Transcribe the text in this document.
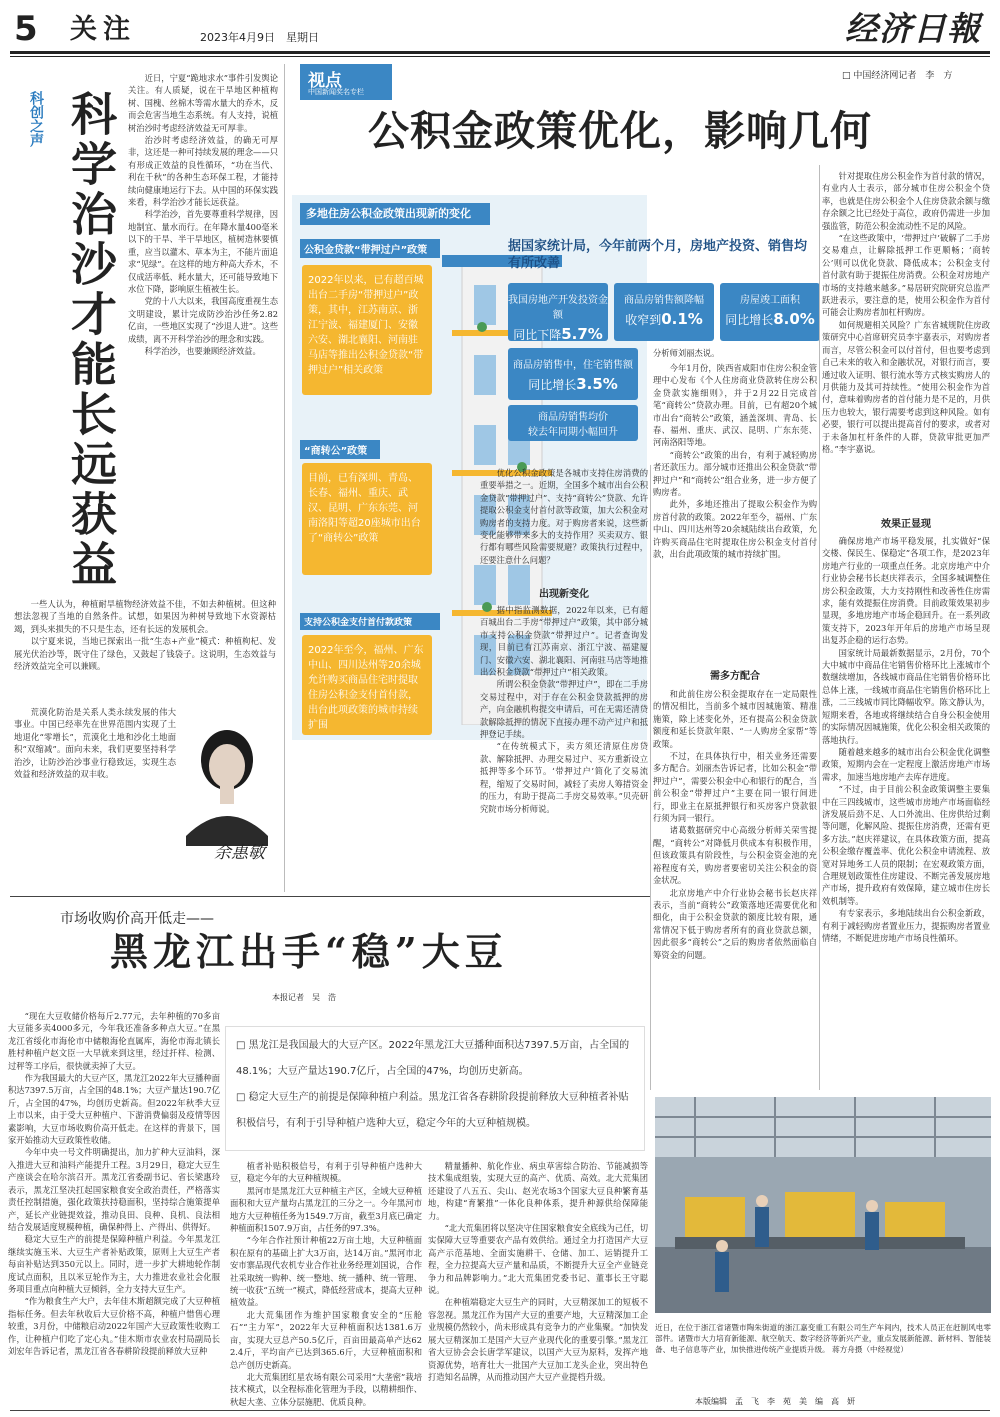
5 关注	2023年4月9日　星期日	经济日報
科创之声 科学治沙才能长远获益

近日，宁夏“跪地求水”事件引发舆论关注。有人质疑，说在干旱地区种植枸树、国槐、丝棉木等需水量大的乔木，反而会危害当地生态系统。有人支持，说植树治沙时考虑经济效益无可厚非。

治沙时考虑经济效益，的确无可厚非，这还是一种可持续发展的理念——只有形成正效益的良性循环，“功在当代、利在千秋”的各种生态环保工程，才能持续向健康地运行下去。从中国的环保实践来看，科学治沙才能长远获益。

科学治沙，首先要尊重科学规律，因地制宜、量水而行。在年降水量400毫米以下的干旱、半干旱地区，植树造林要慎重，应当以灌木、草本为主，不能片面追求“见绿”。在这样的地方种高大乔木，不仅成活率低、耗水量大，还可能导致地下水位下降，影响原生植被生长。

党的十八大以来，我国高度重视生态文明建设，累计完成防沙治沙任务2.82亿亩，一些地区实现了“沙退人进”。这些成绩，离不开科学治沙的理念和实践。

科学治沙，也要兼顾经济效益。

一些人认为，种植耐旱植物经济效益不佳，不如去种植树。但这种想法忽视了当地的自然条件。试想，如果因为种树导致地下水资源枯竭，到头来损失的不只是生态，还有长远的发展机会。

以宁夏来说，当地已探索出一批“生态+产业”模式：种植枸杞、发展光伏治沙等，既守住了绿色，又鼓起了钱袋子。这说明，生态效益与经济效益完全可以兼顾。

荒漠化防治是关系人类永续发展的伟大事业。中国已经率先在世界范围内实现了土地退化“零增长”，荒漠化土地和沙化土地面积“双缩减”。面向未来，我们更要坚持科学治沙，让防沙治沙事业行稳致远，实现生态效益和经济效益的双丰收。

余惠敏
视点
中国新闻奖名专栏
□ 中国经济网记者　李　方
公积金政策优化，影响几何
多地住房公积金政策出现新的变化
公积金贷款“带押过户”政策
2022年以来，已有超百城出台二手房“带押过户”政策，其中，江苏南京、浙江宁波、福建厦门、安徽六安、湖北襄阳、河南驻马店等推出公积金贷款“带押过户”相关政策
“商转公”政策
目前，已有深圳、青岛、长春、福州、重庆、武汉、昆明、广东东莞、河南洛阳等超20座城市出台了“商转公”政策
支持公积金支付首付款政策
2022年至今，福州、广东中山、四川达州等20余城允许购买商品住宅时提取住房公积金支付首付款，出台此项政策的城市持续扩围
据国家统计局，今年前两个月，房地产投资、销售均有所改善
我国房地产开发投资金额
同比下降5.7%
商品房销售额降幅
收窄到0.1%
房屋竣工面积
同比增长8.0%
商品房销售中，住宅销售额
同比增长3.5%
商品房销售均价
较去年同期小幅回升
分析师刘丽杰说。

优化公积金政策是各城市支持住房消费的重要举措之一。近期，全国多个城市出台公积金贷款“带押过户”、支持“商转公”贷款、允许提取公积金支付首付款等政策，加大公积金对购房者的支持力度。对于购房者来说，这些新变化能够带来多大的支持作用？买卖双方、银行都有哪些风险需要规避？政策执行过程中，还要注意什么问题？

出现新变化

据中指监测数据，2022年以来，已有超百城出台二手房“带押过户”政策，其中部分城市支持公积金贷款“带押过户”。记者查询发现，目前已有江苏南京、浙江宁波、福建厦门、安徽六安、湖北襄阳、河南驻马店等地推出公积金贷款“带押过户”相关政策。

所谓公积金贷款“带押过户”，即在二手房交易过程中，对于存在公积金贷款抵押的房产，向金融机构提交申请后，可在无需还清贷款解除抵押的情况下直接办理不动产过户和抵押登记手续。

“在传统模式下，卖方须还清原住房贷款、解除抵押、办理交易过户、买方重新设立抵押等多个环节。‘带押过户’简化了交易流程，缩短了交易时间，减轻了卖房人筹措资金的压力，有助于提高二手房交易效率。”贝壳研究院市场分析师说。

今年1月份，陕西省咸阳市住房公积金管理中心发布《个人住房商业贷款转住房公积金贷款实施细则》，并于2月22日完成首笔“商转公”贷款办理。目前，已有超20个城市出台“商转公”政策，涵盖深圳、青岛、长春、福州、重庆、武汉、昆明、广东东莞、河南洛阳等地。

“商转公”政策的出台，有利于减轻购房者还款压力。部分城市还推出公积金贷款“带押过户”和“商转公”组合业务，进一步方便了购房者。

此外，多地还推出了提取公积金作为购房首付款的政策。2022年至今，福州、广东中山、四川达州等20余城陆续出台政策，允许购买商品住宅时提取住房公积金支付首付款，出台此项政策的城市持续扩围。

需多方配合

和此前住房公积金提取存在一定局限性的情况相比，当前多个城市因城施策、精准施策，除上述变化外，还有提高公积金贷款额度和延长贷款年限、“一人购房全家帮”等政策。

不过，在具体执行中，相关业务还需要多方配合。刘丽杰告诉记者，比如公积金“带押过户”，需要公积金中心和银行的配合，当前公积金“带押过户”主要在同一银行间进行，即业主在原抵押银行和买房客户贷款银行须为同一银行。

诸葛数据研究中心高级分析师关荣雪提醒，“商转公”对降低月供成本有积极作用，但该政策具有阶段性，与公积金资金池的充裕程度有关，购房者要密切关注公积金的资金状况。

北京房地产中介行业协会秘书长赵庆祥表示，当前“商转公”政策落地还需要优化和细化，由于公积金贷款的额度比较有限，通常情况下低于购房者所有的商业贷款总额，因此很多“商转公”之后的购房者依然面临自筹资金的问题。

针对提取住房公积金作为首付款的情况，有业内人士表示，部分城市住房公积金个贷率，也就是住房公积金个人住房贷款余额与缴存余额之比已经处于高位，政府仍需进一步加强监管，防范公积金流动性不足的风险。

“在这些政策中，‘带押过户’破解了二手房交易难点，让解除抵押工作更顺畅；‘商转公’则可以优化贷款、降低成本；公积金支付首付款有助于提振住房消费。公积金对房地产市场的支持越来越多。”易居研究院研究总监严跃进表示，要注意的是，使用公积金作为首付可能会让购房者加杠杆购房。

如何规避相关风险？广东省城规院住房政策研究中心首席研究员李宇嘉表示，对购房者而言，尽管公积金可以付首付，但也要考虑到自己未来的收入和金融状况，对银行而言，要通过收入证明、银行流水等方式核实购房人的月供能力及其可持续性。“使用公积金作为首付，意味着购房者的首付能力是不足的，月供压力也较大，银行需要考虑到这种风险。如有必要，银行可以提出提高首付的要求，或者对于未备加杠杆条件的人群，贷款审批更加严格。”李宇嘉说。

效果正显现

确保房地产市场平稳发展，扎实做好“保交楼、保民生、保稳定”各项工作，是2023年房地产行业的一项重点任务。北京房地产中介行业协会秘书长赵庆祥表示，全国多城调整住房公积金政策，大力支持刚性和改善性住房需求，能有效提振住房消费。目前政策效果初步显现，多地房地产市场企稳回升。在一系列政策支持下，2023年开年后的房地产市场呈现出复苏企稳的运行态势。

国家统计局最新数据显示，2月份，70个大中城市中商品住宅销售价格环比上涨城市个数继续增加，各线城市商品住宅销售价格环比总体上涨，一线城市商品住宅销售价格环比上涨，二三线城市同比降幅收窄。陈文静认为，短期来看，各地或将继续结合自身公积金使用的实际情况因城施策，优化公积金相关政策的落地执行。

随着越来越多的城市出台公积金优化调整政策，短期内会在一定程度上激活房地产市场需求，加速当地房地产去库存进度。

“不过，由于目前公积金政策调整主要集中在三四线城市，这些城市房地产市场面临经济发展后劲不足、人口外流出、住房供给过剩等问题，化解风险、提振住房消费，还需有更多方法。”赵庆祥建议，在具体政策方面，提高公积金缴存覆盖率、优化公积金申请流程、放宽对异地务工人员的限制；在宏观政策方面，合理规划政策性住房建设、不断完善发展房地产市场，提升政府有效保障，建立城市住房长效机制等。

有专家表示，多地陆续出台公积金新政，有利于减轻购房者置业压力，提振购房者置业情绪，不断促进房地产市场良性循环。

市场收购价高开低走——
黑龙江出手“稳”大豆
本报记者　吴　浩
□ 黑龙江是我国最大的大豆产区。2022年黑龙江大豆播种面积达7397.5万亩，占全国的48.1%；大豆产量达190.7亿斤，占全国的47%，均创历史新高。
□ 稳定大豆生产的前提是保障种植户利益。黑龙江省各春耕阶段提前释放大豆种植者补贴积极信号，有利于引导种植户选种大豆，稳定今年的大豆种植规模。

“现在大豆收储价格每斤2.77元，去年种植的70多亩大豆能多卖4000多元，今年我还准备多种点大豆。”在黑龙江省绥化市海伦市中储粮海伦直属库，海伦市海北镇长胜村种植户赵文臣一大早就来到这里，经过扦样、检测、过秤等工序后，很快就卖掉了大豆。

作为我国最大的大豆产区，黑龙江2022年大豆播种面积达7397.5万亩，占全国的48.1%；大豆产量达190.7亿斤，占全国的47%，均创历史新高。但2022年秋季大豆上市以来，由于受大豆种植户、下游消费偏弱及疫情等因素影响，大豆市场收购价高开低走。在这样的背景下，国家开始推动大豆政策性收储。

今年中央一号文件明确提出，加力扩种大豆油料，深入推进大豆和油料产能提升工程。3月29日，稳定大豆生产座谈会在哈尔滨召开。黑龙江省委副书记、省长梁惠玲表示，黑龙江坚决扛起国家粮食安全政治责任，严格落实责任控制措施，强化政策扶持稳面积，坚持综合施策提单产，延长产业链提效益，推动良田、良种、良机、良法相结合发展适度规模种植，确保种得上、产得出、供得好。

稳定大豆生产的前提是保障种植户利益。今年黑龙江继续实施玉米、大豆生产者补贴政策，原则上大豆生产者每亩补贴达到350元以上。同时，进一步扩大耕地轮作制度试点面积，且以米豆轮作为主，大力推进农业社会化服务项目重点向种植大豆倾斜，全力支持大豆生产。

“作为粮食生产大户，去年佳木斯超额完成了大豆种植指标任务。但去年秋收后大豆价格不高，种植户惜售心理较重，3月份，中储粮启动2022年国产大豆政策性收购工作，让种植户们吃了定心丸。”佳木斯市农业农村局副局长刘宏年告诉记者，黑龙江省各春耕阶段提前释放大豆种

植者补贴积极信号，有利于引导种植户选种大豆，稳定今年的大豆种植规模。

黑河市是黑龙江大豆种植主产区，全域大豆种植面积和大豆产量均占黑龙江的三分之一。今年黑河市地方大豆种植任务为1549.7万亩，截至3月底已确定种植面积1507.9万亩，占任务的97.3%。

“今年合作社预计种植22万亩土地，大豆种植面积在原有的基础上扩大3万亩，达14万亩。”黑河市北安市寨品现代农机专业合作社业务经理刘国说，合作社采取统一购种、统一整地、统一播种、统一管理、统一收获“五统一”模式，降低经营成本，提高大豆种植效益。

北大荒集团作为维护国家粮食安全的“压舱石”“主力军”，2022年大豆种植面积达1381.6万亩，实现大豆总产50.5亿斤，百亩田最高单产达622.4斤，平均亩产已达到365.6斤，大豆种植面积和总产创历史新高。

北大荒集团红星农场有限公司采用“大垄密”栽培技术模式，以全程标准化管理为手段，以精耕细作、秋起大垄、立体分层施肥、优质良种。

精量播种、航化作业、病虫草害综合防治、节能减损等技术集成组装，实现大豆的高产、优质、高效。北大荒集团还建设了八五五、尖山、赵光农场3个国家大豆良种繁育基地，构建“育繁推”一体化良种体系，提升种源供给保障能力。

“北大荒集团将以坚决守住国家粮食安全底线为己任，切实保障大豆等重要农产品有效供给。通过全力打造国产大豆高产示范基地、全面实施耕干、仓储、加工、运销提升工程，全力拉提高大豆产量和品质，不断提升大豆全产业链竞争力和品牌影响力。”北大荒集团党委书记、董事长王守聪说。

在种植端稳定大豆生产的同时，大豆精深加工的短板不容忽视。黑龙江作为国产大豆的重要产地，大豆精深加工企业规模仍然较小，尚未形成具有竞争力的产业集聚。“加快发展大豆精深加工是国产大豆产业现代化的重要引擎。”黑龙江省大豆协会会长唐学军建议，以国产大豆为原料，发挥产地资源优势，培育壮大一批国产大豆加工龙头企业，突出特色打造知名品牌，从而推动国产大豆产业提档升级。

近日，在位于浙江省诸暨市陶朱街道的浙江嘉变重工有限公司生产车间内，技术人员正在赶制风电零部件。诸暨市大力培育新能源、航空航天、数字经济等新兴产业，重点发展新能源、新材料、智能装备、电子信息等产业，加快推进传统产业提质升级。 蒋方舟摄（中经视觉）
本版编辑　孟　飞　李　苑　美　编　高　妍
